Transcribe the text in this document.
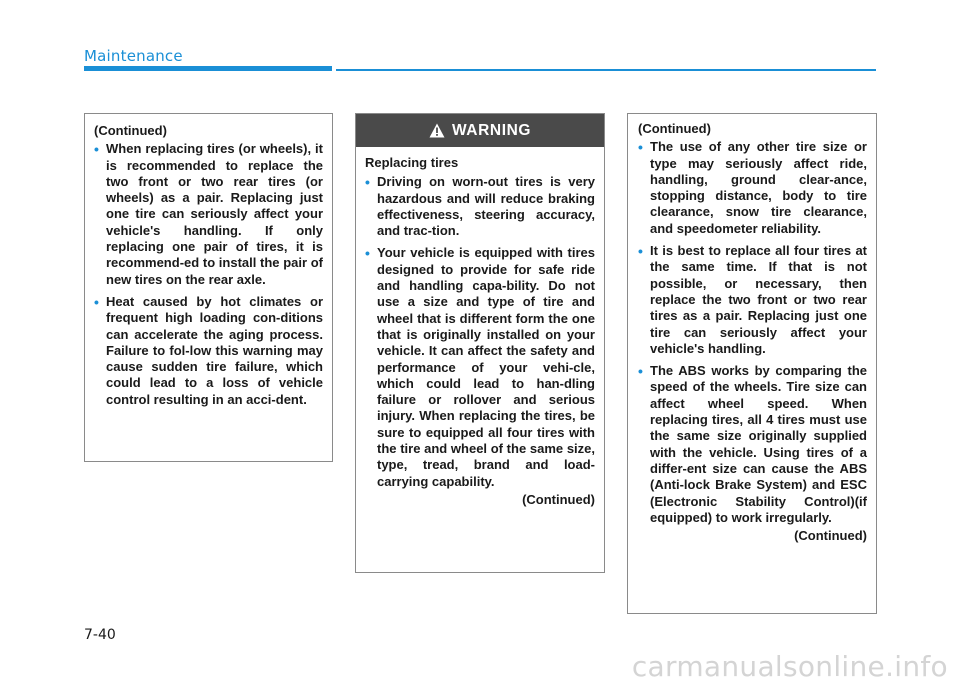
Maintenance
(Continued)
• When replacing tires (or wheels), it is recommended to replace the two front or two rear tires (or wheels) as a pair. Replacing just one tire can seriously affect your vehicle's handling. If only replacing one pair of tires, it is recommend-ed to install the pair of new tires on the rear axle.
• Heat caused by hot climates or frequent high loading con-ditions can accelerate the aging process. Failure to fol-low this warning may cause sudden tire failure, which could lead to a loss of vehicle control resulting in an acci-dent.
WARNING
Replacing tires
• Driving on worn-out tires is very hazardous and will reduce braking effectiveness, steering accuracy, and trac-tion.
• Your vehicle is equipped with tires designed to provide for safe ride and handling capa-bility. Do not use a size and type of tire and wheel that is different form the one that is originally installed on your vehicle. It can affect the safety and performance of your vehi-cle, which could lead to han-dling failure or rollover and serious injury. When replacing the tires, be sure to equipped all four tires with the tire and wheel of the same size, type, tread, brand and load-carrying capability.
(Continued)
(Continued)
• The use of any other tire size or type may seriously affect ride, handling, ground clear-ance, stopping distance, body to tire clearance, snow tire clearance, and speedometer reliability.
• It is best to replace all four tires at the same time. If that is not possible, or necessary, then replace the two front or two rear tires as a pair. Replacing just one tire can seriously affect your vehicle's handling.
• The ABS works by comparing the speed of the wheels. Tire size can affect wheel speed. When replacing tires, all 4 tires must use the same size originally supplied with the vehicle. Using tires of a differ-ent size can cause the ABS (Anti-lock Brake System) and ESC (Electronic Stability Control)(if equipped) to work irregularly.
(Continued)
7-40
carmanualsonline.info
